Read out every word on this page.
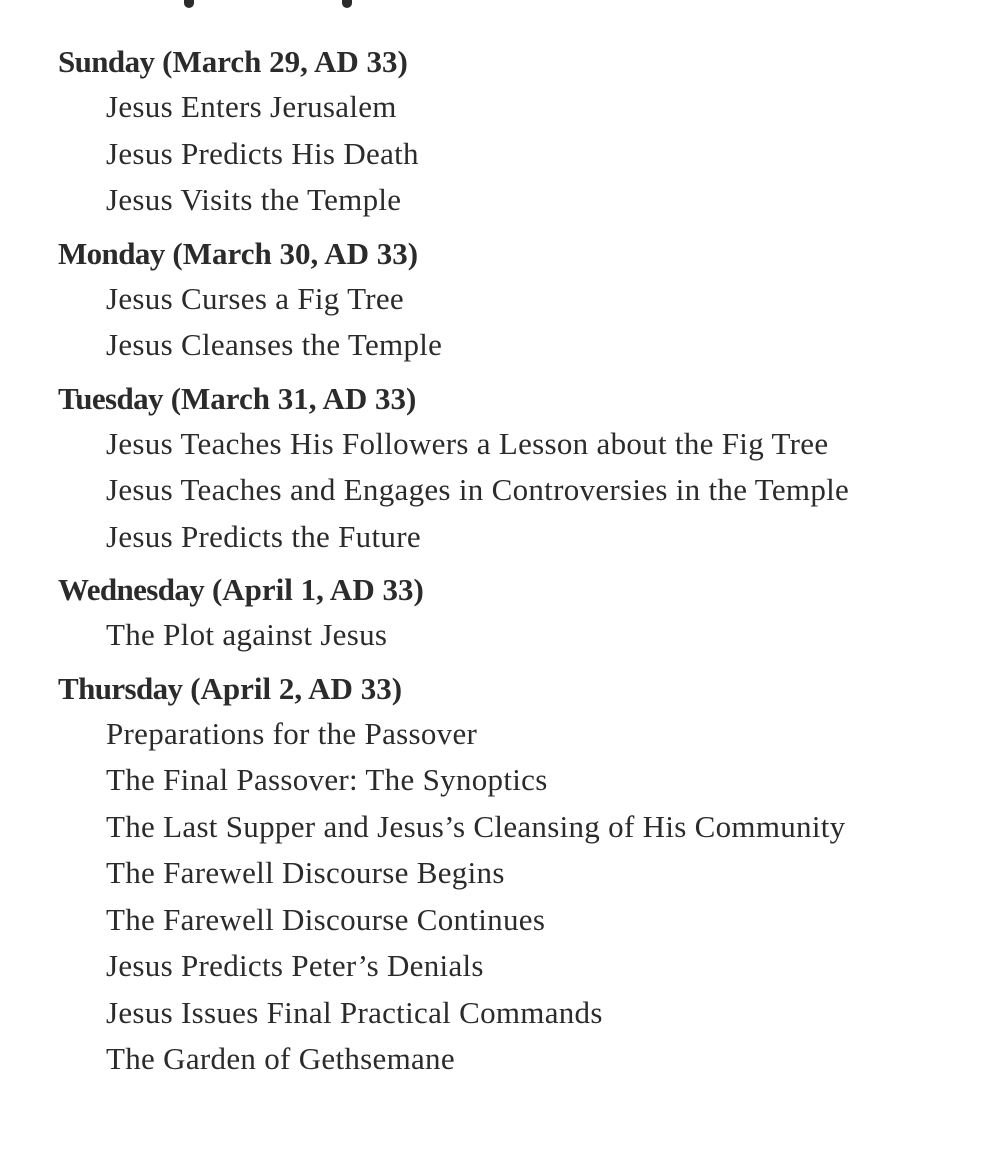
Sunday (March 29, AD 33)
Jesus Enters Jerusalem
Jesus Predicts His Death
Jesus Visits the Temple
Monday (March 30, AD 33)
Jesus Curses a Fig Tree
Jesus Cleanses the Temple
Tuesday (March 31, AD 33)
Jesus Teaches His Followers a Lesson about the Fig Tree
Jesus Teaches and Engages in Controversies in the Temple
Jesus Predicts the Future
Wednesday (April 1, AD 33)
The Plot against Jesus
Thursday (April 2, AD 33)
Preparations for the Passover
The Final Passover: The Synoptics
The Last Supper and Jesus’s Cleansing of His Community
The Farewell Discourse Begins
The Farewell Discourse Continues
Jesus Predicts Peter’s Denials
Jesus Issues Final Practical Commands
The Garden of Gethsemane
